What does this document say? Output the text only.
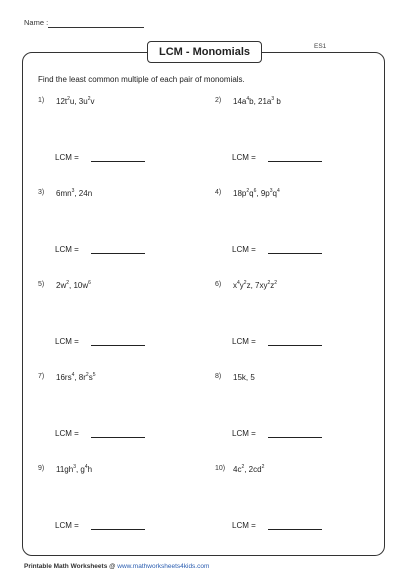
Name :
LCM - Monomials	ES1
Find the least common multiple of each pair of monomials.
1) $12t^2u$, $3u^2v$
LCM =
2) $14a^4b$, $21a^3$ b
LCM =
3) $6mn^3$, 24n
LCM =
4) $18p^2q^6$, $9p^3q^4$
LCM =
5) $2w^2$, $10w^6$
LCM =
6) $x^4y^2z$, $7xy^2z^2$
LCM =
7) $16rs^4$, $8r^2s^5$
LCM =
8) 15k, 5
LCM =
9) $11gh^3$, $g^4h$
LCM =
10) $4c^2$, $2cd^2$
LCM =
Printable Math Worksheets @ www.mathworksheets4kids.com
